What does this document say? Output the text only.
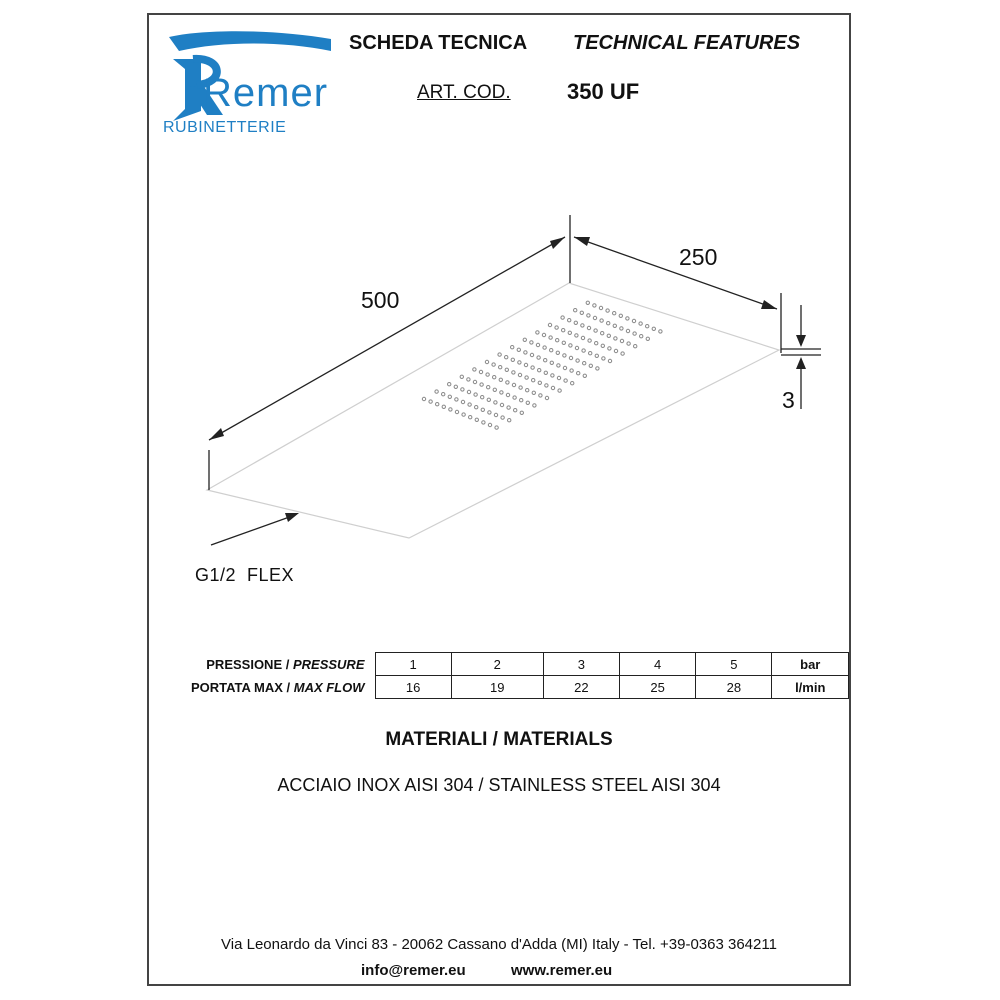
Remer
RUBINETTERIE
SCHEDA TECNICA TECHNICAL FEATURES
ART. COD.	350 UF
500
250
3
G1/2  FLEX
PRESSIONE / PRESSURE	1	2	3	4	5	bar
PORTATA MAX / MAX FLOW	16	19	22	25	28	l/min
MATERIALI / MATERIALS
ACCIAIO INOX AISI 304 / STAINLESS STEEL AISI 304
Via Leonardo da Vinci 83 - 20062 Cassano d'Adda (MI) Italy - Tel. +39-0363 364211
info@remer.eu	www.remer.eu
